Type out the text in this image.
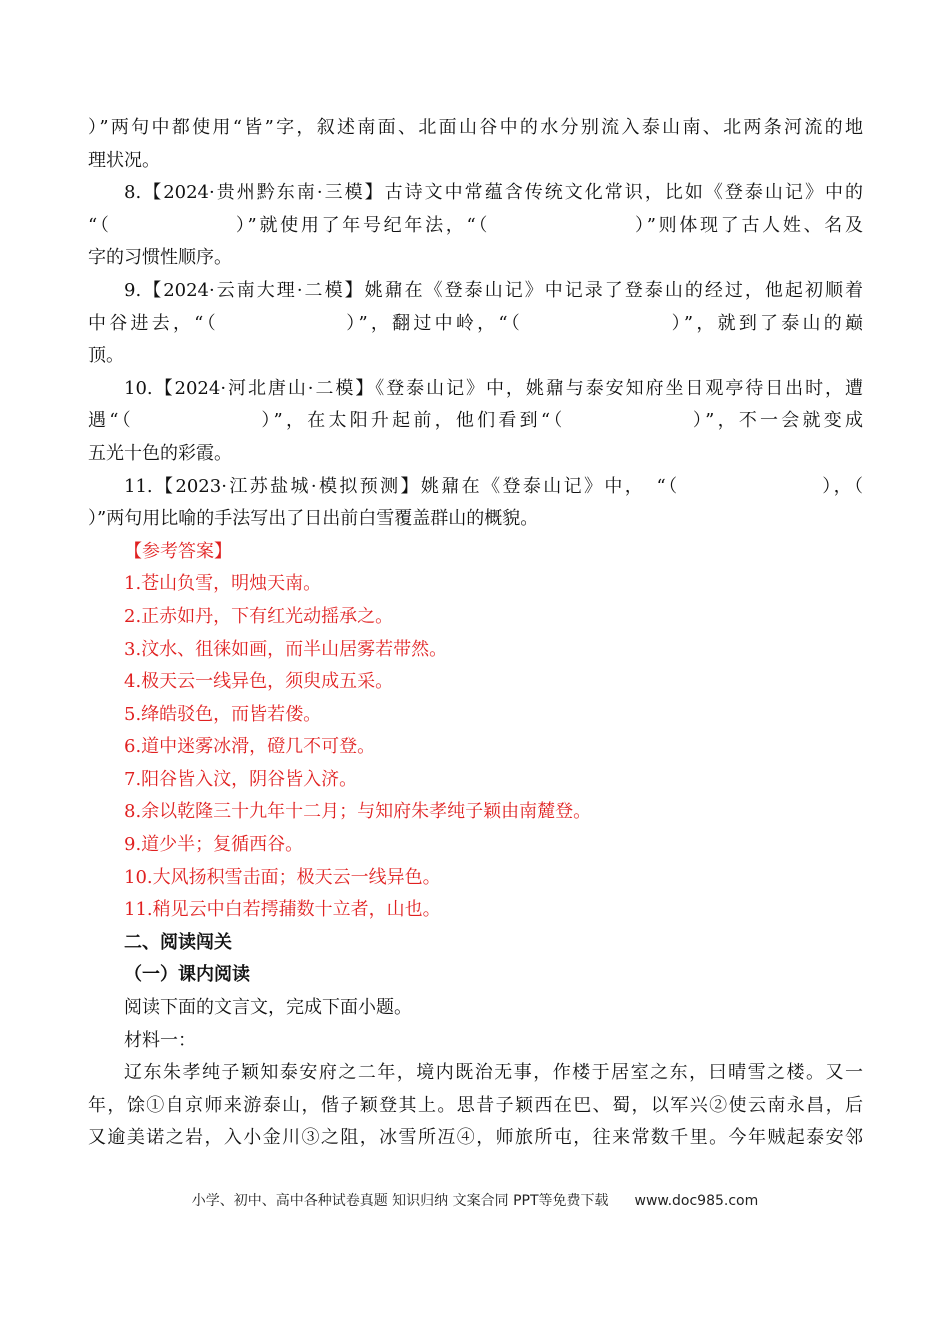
）”两句中都使用“皆”字，叙述南面、北面山谷中的水分别流入泰山南、北两条河流的地
理状况。
8.【2024·贵州黔东南·三模】古诗文中常蕴含传统文化常识，比如《登泰山记》中的
“（　　　　　　）”就使用了年号纪年法，“（　　　　　　　）”则体现了古人姓、名及
字的习惯性顺序。
9.【2024·云南大理·二模】姚鼐在《登泰山记》中记录了登泰山的经过，他起初顺着
中谷进去，“（　　　　　　）”，翻过中岭，“（　　　　　　　）”，就到了泰山的巅
顶。
10.【2024·河北唐山·二模】《登泰山记》中，姚鼐与泰安知府坐日观亭待日出时，遭
遇“（　　　　　　）”，在太阳升起前，他们看到“（　　　　　　）”，不一会就变成
五光十色的彩霞。
11.【2023·江苏盐城·模拟预测】姚鼐在《登泰山记》中，　“（　　　　　　　），（
）”两句用比喻的手法写出了日出前白雪覆盖群山的概貌。
【参考答案】
1.苍山负雪，明烛天南。
2.正赤如丹，下有红光动摇承之。
3.汶水、徂徕如画，而半山居雾若带然。
4.极天云一线异色，须臾成五采。
5.绛皓驳色，而皆若偻。
6.道中迷雾冰滑，磴几不可登。
7.阳谷皆入汶，阴谷皆入济。
8.余以乾隆三十九年十二月；与知府朱孝纯子颖由南麓登。
9.道少半；复循西谷。
10.大风扬积雪击面；极天云一线异色。
11.稍见云中白若摴蒱数十立者，山也。
二、阅读闯关
（一）课内阅读
阅读下面的文言文，完成下面小题。
材料一：
辽东朱孝纯子颖知泰安府之二年，境内既治无事，作楼于居室之东，曰晴雪之楼。又一
年，馀①自京师来游泰山，偕子颖登其上。思昔子颖西在巴、蜀，以军兴②使云南永昌，后
又逾美诺之岩，入小金川③之阻，冰雪所冱④，师旅所屯，往来常数千里。今年贼起泰安邻
小学、初中、高中各种试卷真题 知识归纳 文案合同 PPT等免费下载 www.doc985.com
